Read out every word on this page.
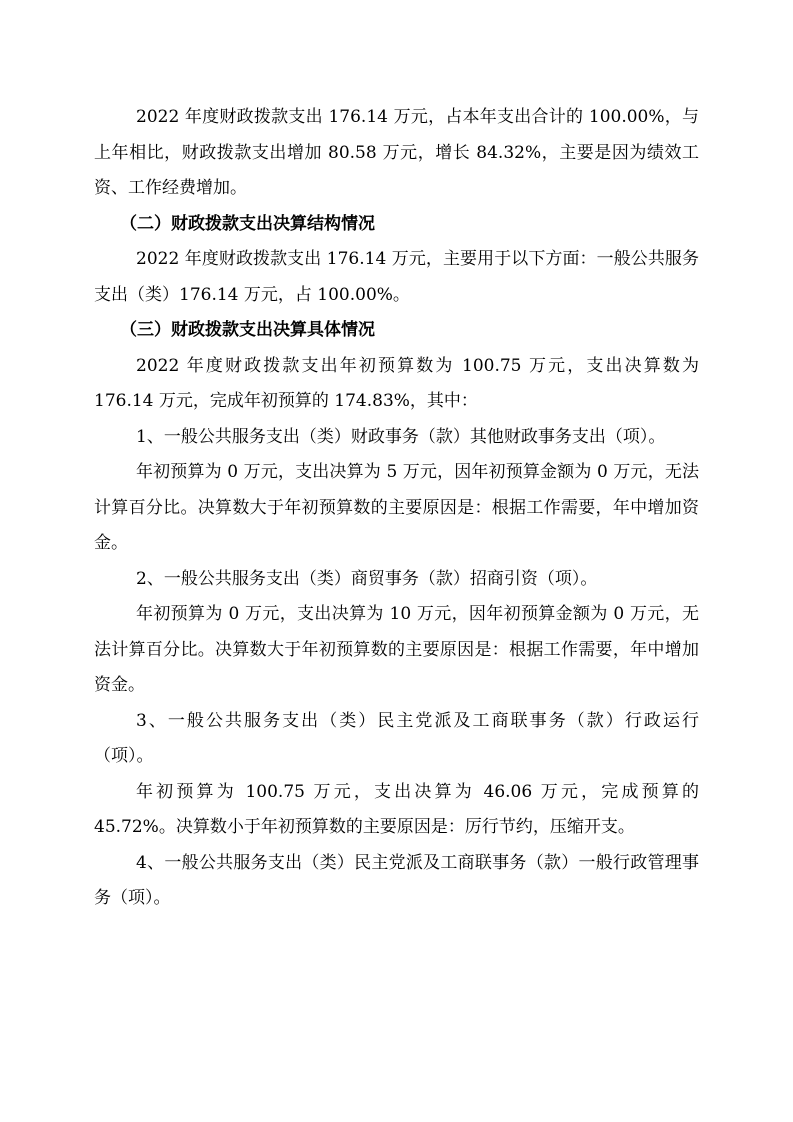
2022 年度财政拨款支出 176.14 万元，占本年支出合计的 100.00%，与上年相比，财政拨款支出增加 80.58 万元，增长 84.32%，主要是因为绩效工资、工作经费增加。

（二）财政拨款支出决算结构情况

2022 年度财政拨款支出 176.14 万元，主要用于以下方面：一般公共服务支出（类）176.14 万元，占 100.00%。

（三）财政拨款支出决算具体情况

2022 年度财政拨款支出年初预算数为 100.75 万元，支出决算数为 176.14 万元，完成年初预算的 174.83%，其中：

1、一般公共服务支出（类）财政事务（款）其他财政事务支出（项）。

年初预算为 0 万元，支出决算为 5 万元，因年初预算金额为 0 万元，无法计算百分比。决算数大于年初预算数的主要原因是：根据工作需要，年中增加资金。

2、一般公共服务支出（类）商贸事务（款）招商引资（项）。

年初预算为 0 万元，支出决算为 10 万元，因年初预算金额为 0 万元，无法计算百分比。决算数大于年初预算数的主要原因是：根据工作需要，年中增加资金。

3、一般公共服务支出（类）民主党派及工商联事务（款）行政运行（项）。

年初预算为 100.75 万元，支出决算为 46.06 万元，完成预算的 45.72%。决算数小于年初预算数的主要原因是：厉行节约，压缩开支。

4、一般公共服务支出（类）民主党派及工商联事务（款）一般行政管理事务（项）。
